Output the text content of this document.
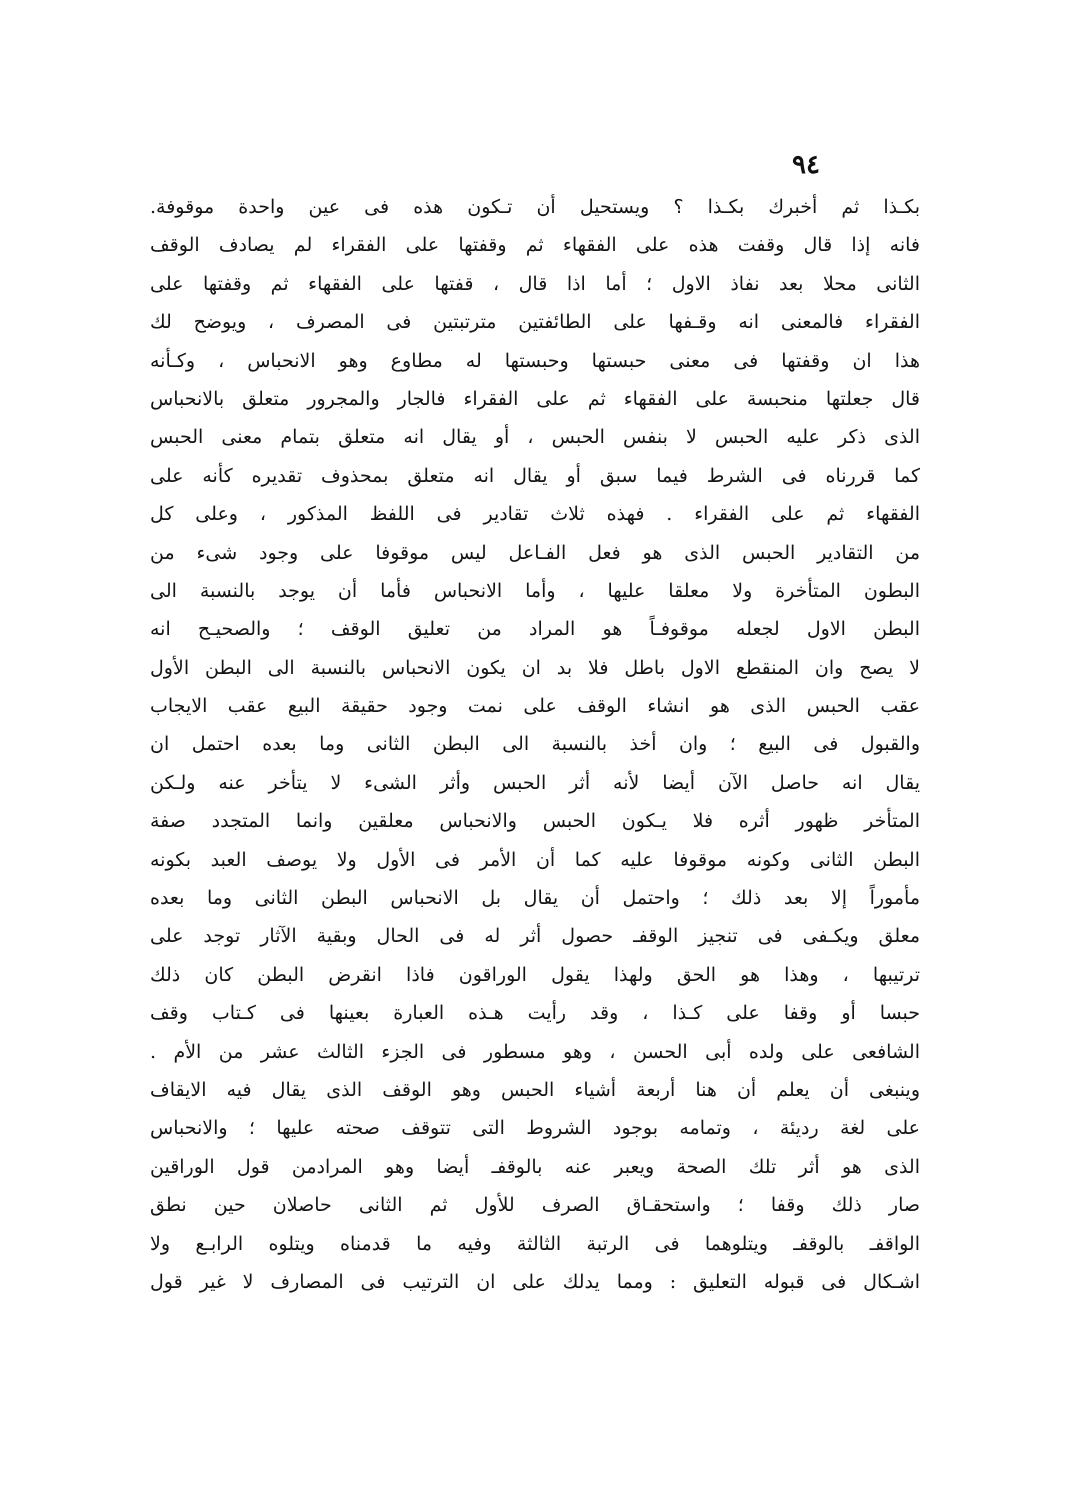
٩٤
بكـذا ثم أخبرك بكـذا ؟ ويستحيل أن تـكون هذه فى عين واحدة موقوفة.
فانه إذا قال وقفت هذه على الفقهاء ثم وقفتها على الفقراء لم يصادف الوقف
الثانى محلا بعد نفاذ الاول ؛ أما اذا قال ، قفتها على الفقهاء ثم وقفتها على
الفقراء فالمعنى انه وقـفها على الطائفتين مترتبتين فى المصرف ، ويوضح لك
هذا ان وقفتها فى معنى حبستها وحبستها له مطاوع وهو الانحباس ، وكـأنه
قال جعلتها منحبسة على الفقهاء ثم على الفقراء فالجار والمجرور متعلق بالانحباس
الذى ذكر عليه الحبس لا بنفس الحبس ، أو يقال انه متعلق بتمام معنى الحبس
كما قررناه فى الشرط فيما سبق أو يقال انه متعلق بمحذوف تقديره كأنه على
الفقهاء ثم على الفقراء . فهذه ثلاث تقادير فى اللفظ المذكور ، وعلى كل
من التقادير الحبس الذى هو فعل الفـاعل ليس موقوفا على وجود شىء من
البطون المتأخرة ولا معلقا عليها ، وأما الانحباس فأما أن يوجد بالنسبة الى
البطن الاول لجعله موقوفـاً هو المراد من تعليق الوقف ؛ والصحيـح انه
لا يصح وان المنقطع الاول باطل فلا بد ان يكون الانحباس بالنسبة الى البطن الأول
عقب الحبس الذى هو انشاء الوقف على نمت وجود حقيقة البيع عقب الايجاب
والقبول فى البيع ؛ وان أخذ بالنسبة الى البطن الثانى وما بعده احتمل ان
يقال انه حاصل الآن أيضا لأنه أثر الحبس وأثر الشىء لا يتأخر عنه ولـكن
المتأخر ظهور أثره فلا يـكون الحبس والانحباس معلقين وانما المتجدد صفة
البطن الثانى وكونه موقوفا عليه كما أن الأمر فى الأول ولا يوصف العبد بكونه
مأموراً إلا بعد ذلك ؛ واحتمل أن يقال بل الانحباس البطن الثانى وما بعده
معلق ويكـفى فى تنجيز الوقفـ حصول أثر له فى الحال وبقية الآثار توجد على
ترتيبها ، وهذا هو الحق ولهذا يقول الوراقون فاذا انقرض البطن كان ذلك
حبسا أو وقفا على كـذا ، وقد رأيت هـذه العبارة بعينها فى كـتاب وقف
الشافعى على ولده أبى الحسن ، وهو مسطور فى الجزء الثالث عشر من الأم .
وينبغى أن يعلم أن هنا أربعة أشياء الحبس وهو الوقف الذى يقال فيه الايقاف
على لغة رديئة ، وتمامه بوجود الشروط التى تتوقف صحته عليها ؛ والانحباس
الذى هو أثر تلك الصحة ويعبر عنه بالوقفـ أيضا وهو المرادمن قول الوراقين
صار ذلك وقفا ؛ واستحقـاق الصرف للأول ثم الثانى حاصلان حين نطق
الواقفـ بالوقفـ ويتلوهما فى الرتبة الثالثة وفيه ما قدمناه ويتلوه الرابـع ولا
اشـكال فى قبوله التعليق : ومما يدلك على ان الترتيب فى المصارف لا غير قول
